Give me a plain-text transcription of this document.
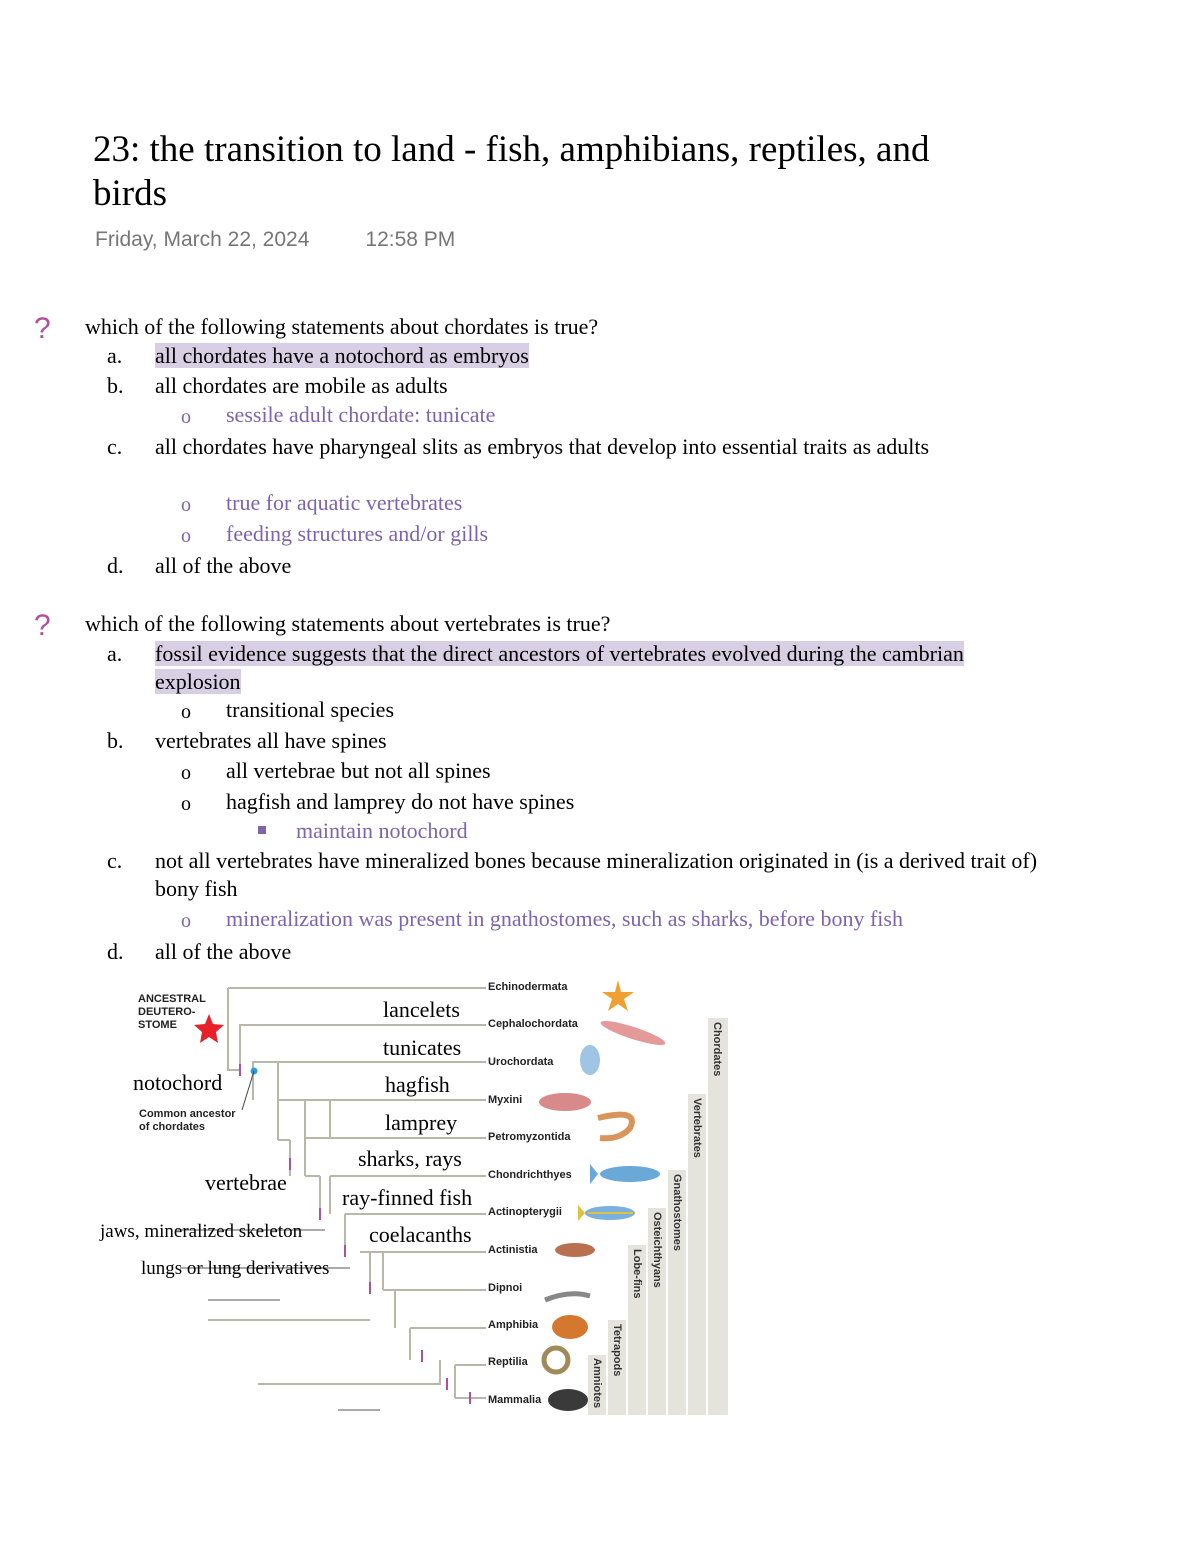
23: the transition to land - fish, amphibians, reptiles, and birds
Friday, March 22, 2024	12:58 PM
? which of the following statements about chordates is true?
a. all chordates have a notochord as embryos
b. all chordates are mobile as adults
o sessile adult chordate: tunicate
c. all chordates have pharyngeal slits as embryos that develop into essential traits as adults
o true for aquatic vertebrates
o feeding structures and/or gills
d. all of the above
? which of the following statements about vertebrates is true?
a. fossil evidence suggests that the direct ancestors of vertebrates evolved during the cambrian explosion
o transitional species
b. vertebrates all have spines
o all vertebrae but not all spines
o hagfish and lamprey do not have spines
maintain notochord
c. not all vertebrates have mineralized bones because mineralization originated in (is a derived trait of) bony fish
o mineralization was present in gnathostomes, such as sharks, before bony fish
d. all of the above
Chordates
Vertebrates
Gnathostomes
Osteichthyans
Lobe-fins
Tetrapods
Amniotes
ANCESTRAL
DEUTERO-
STOME
Common ancestor
of chordates
Echinodermata
Cephalochordata
Urochordata
Myxini
Petromyzontida
Chondrichthyes
Actinopterygii
Actinistia
Dipnoi
Amphibia
Reptilia
Mammalia
lancelets
tunicates
hagfish
lamprey
sharks, rays
ray-finned fish
coelacanths
notochord
vertebrae
jaws, mineralized skeleton
lungs or lung derivatives
